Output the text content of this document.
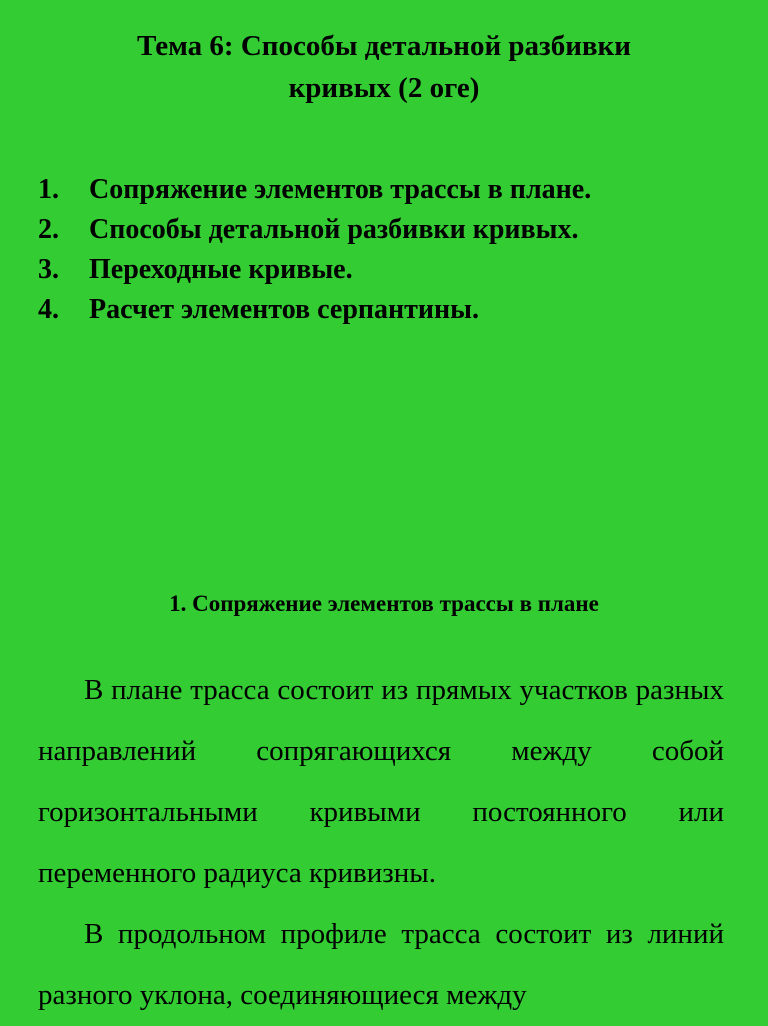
Тема 6: Способы детальной разбивки
кривых (2 оге)
1. Сопряжение элементов трассы в плане.
2. Способы детальной разбивки кривых.
3. Переходные кривые.
4. Расчет элементов серпантины.
1. Сопряжение элементов трассы в плане

В плане трасса состоит из прямых участков разных направлений сопрягающихся между собой горизонтальными кривыми постоянного или переменного радиуса кривизны.

В продольном профиле трасса состоит из линий разного уклона, соединяющиеся между
